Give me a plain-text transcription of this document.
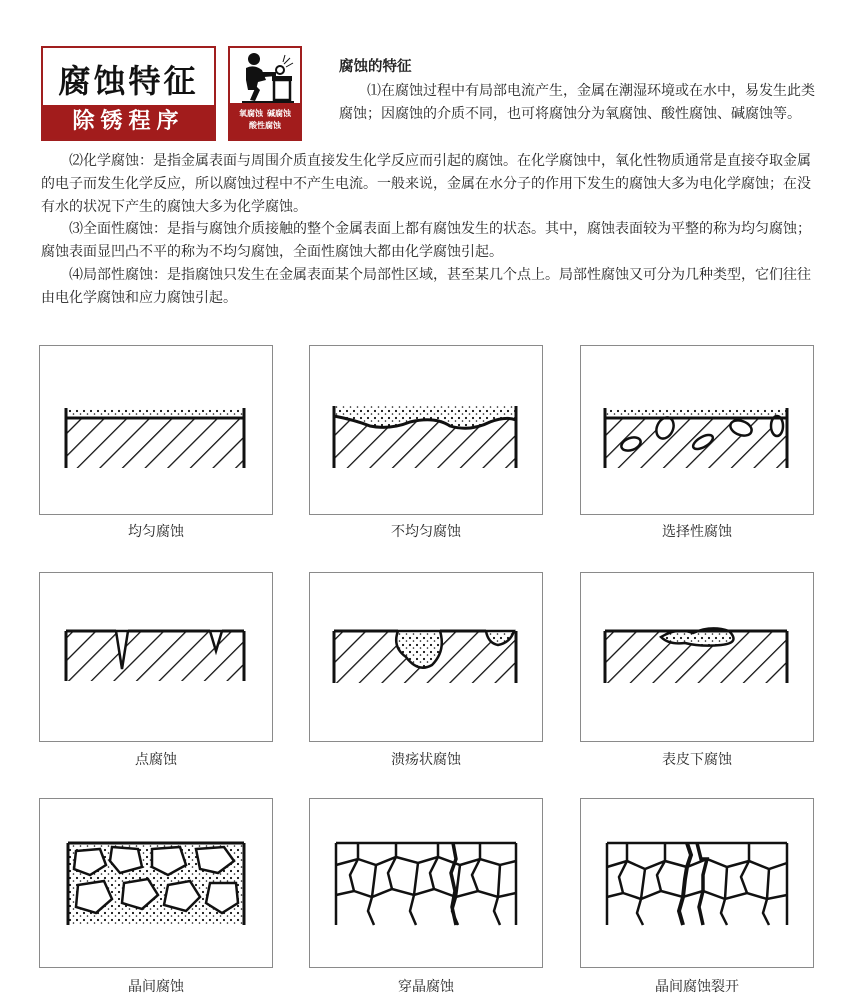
腐蚀特征
除锈程序	氧腐蚀 碱腐蚀
酸性腐蚀
腐蚀的特征
⑴在腐蚀过程中有局部电流产生，金属在潮湿环境或在水中，易发生此类腐蚀；因腐蚀的介质不同，也可将腐蚀分为氧腐蚀、酸性腐蚀、碱腐蚀等。
⑵化学腐蚀：是指金属表面与周围介质直接发生化学反应而引起的腐蚀。在化学腐蚀中，氧化性物质通常是直接夺取金属的电子而发生化学反应，所以腐蚀过程中不产生电流。一般来说，金属在水分子的作用下发生的腐蚀大多为电化学腐蚀；在没有水的状况下产生的腐蚀大多为化学腐蚀。
⑶全面性腐蚀：是指与腐蚀介质接触的整个金属表面上都有腐蚀发生的状态。其中，腐蚀表面较为平整的称为均匀腐蚀；腐蚀表面显凹凸不平的称为不均匀腐蚀，全面性腐蚀大都由化学腐蚀引起。
⑷局部性腐蚀：是指腐蚀只发生在金属表面某个局部性区域，甚至某几个点上。局部性腐蚀又可分为几种类型，它们往往由电化学腐蚀和应力腐蚀引起。
均匀腐蚀	不均匀腐蚀	选择性腐蚀
点腐蚀	溃疡状腐蚀	表皮下腐蚀
晶间腐蚀	穿晶腐蚀	晶间腐蚀裂开
